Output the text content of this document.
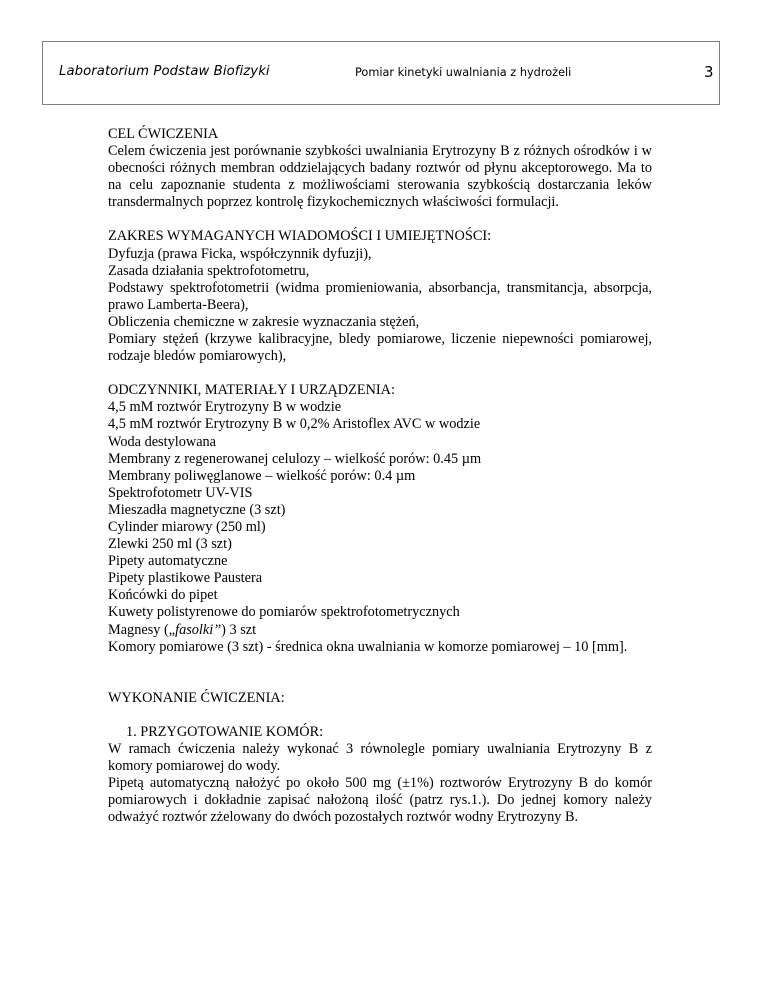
Laboratorium Podstaw Biofizyki	Pomiar kinetyki uwalniania z hydrożeli	3

CEL ĆWICZENIA

Celem ćwiczenia jest porównanie szybkości uwalniania Erytrozyny B z różnych ośrodków i w obecności różnych membran oddzielających badany roztwór od płynu akceptorowego. Ma to na celu zapoznanie studenta z możliwościami sterowania szybkością dostarczania leków transdermalnych poprzez kontrolę fizykochemicznych właściwości formulacji.

ZAKRES WYMAGANYCH WIADOMOŚCI I UMIEJĘTNOŚCI:

Dyfuzja (prawa Ficka, współczynnik dyfuzji),

Zasada działania spektrofotometru,

Podstawy spektrofotometrii (widma promieniowania, absorbancja, transmitancja, absorpcja, prawo Lamberta-Beera),

Obliczenia chemiczne w zakresie wyznaczania stężeń,

Pomiary stężeń (krzywe kalibracyjne, bledy pomiarowe, liczenie niepewności pomiarowej, rodzaje bledów pomiarowych),

ODCZYNNIKI, MATERIAŁY I URZĄDZENIA:

4,5 mM roztwór Erytrozyny B w wodzie

4,5 mM roztwór Erytrozyny B w 0,2% Aristoflex AVC w wodzie

Woda destylowana

Membrany z regenerowanej celulozy – wielkość porów: 0.45 µm

Membrany poliwęglanowe – wielkość porów: 0.4 µm

Spektrofotometr UV-VIS

Mieszadła magnetyczne (3 szt)

Cylinder miarowy (250 ml)

Zlewki 250 ml (3 szt)

Pipety automatyczne

Pipety plastikowe Paustera

Końcówki do pipet

Kuwety polistyrenowe do pomiarów spektrofotometrycznych

Magnesy („fasolki”) 3 szt

Komory pomiarowe (3 szt) - średnica okna uwalniania w komorze pomiarowej – 10 [mm].

WYKONANIE ĆWICZENIA:

1. PRZYGOTOWANIE KOMÓR:

W ramach ćwiczenia należy wykonać 3 równolegle pomiary uwalniania Erytrozyny B z komory pomiarowej do wody.

Pipetą automatyczną nałożyć po około 500 mg (±1%) roztworów Erytrozyny B do komór pomiarowych i dokładnie zapisać nałożoną ilość (patrz rys.1.). Do jednej komory należy odważyć roztwór zżelowany do dwóch pozostałych roztwór wodny Erytrozyny B.
